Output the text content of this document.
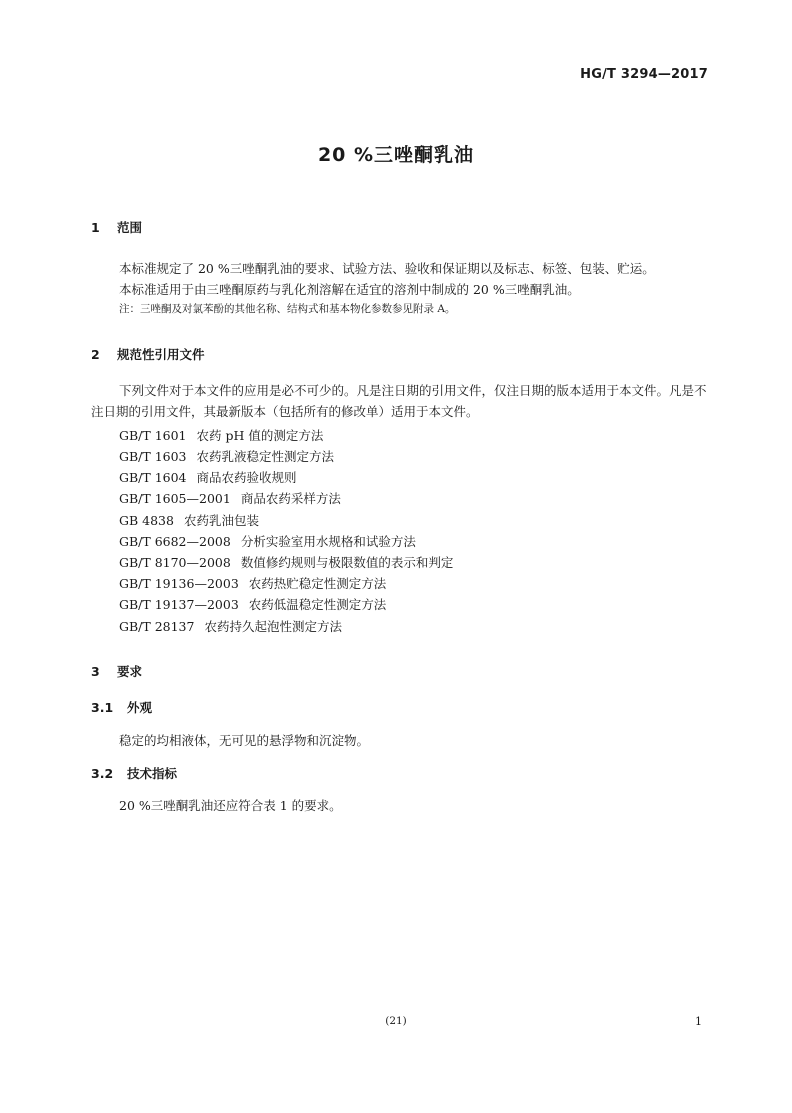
HG/T 3294—2017
20 %三唑酮乳油
1 范围
本标准规定了 20 %三唑酮乳油的要求、试验方法、验收和保证期以及标志、标签、包装、贮运。
本标准适用于由三唑酮原药与乳化剂溶解在适宜的溶剂中制成的 20 %三唑酮乳油。
注：三唑酮及对氯苯酚的其他名称、结构式和基本物化参数参见附录 A。
2 规范性引用文件
下列文件对于本文件的应用是必不可少的。凡是注日期的引用文件，仅注日期的版本适用于本文件。凡是不注日期的引用文件，其最新版本（包括所有的修改单）适用于本文件。
GB/T 1601 农药 pH 值的测定方法
GB/T 1603 农药乳液稳定性测定方法
GB/T 1604 商品农药验收规则
GB/T 1605—2001 商品农药采样方法
GB 4838 农药乳油包装
GB/T 6682—2008 分析实验室用水规格和试验方法
GB/T 8170—2008 数值修约规则与极限数值的表示和判定
GB/T 19136—2003 农药热贮稳定性测定方法
GB/T 19137—2003 农药低温稳定性测定方法
GB/T 28137 农药持久起泡性测定方法
3 要求
3.1 外观
稳定的均相液体，无可见的悬浮物和沉淀物。
3.2 技术指标
20 %三唑酮乳油还应符合表 1 的要求。
(21)	1
